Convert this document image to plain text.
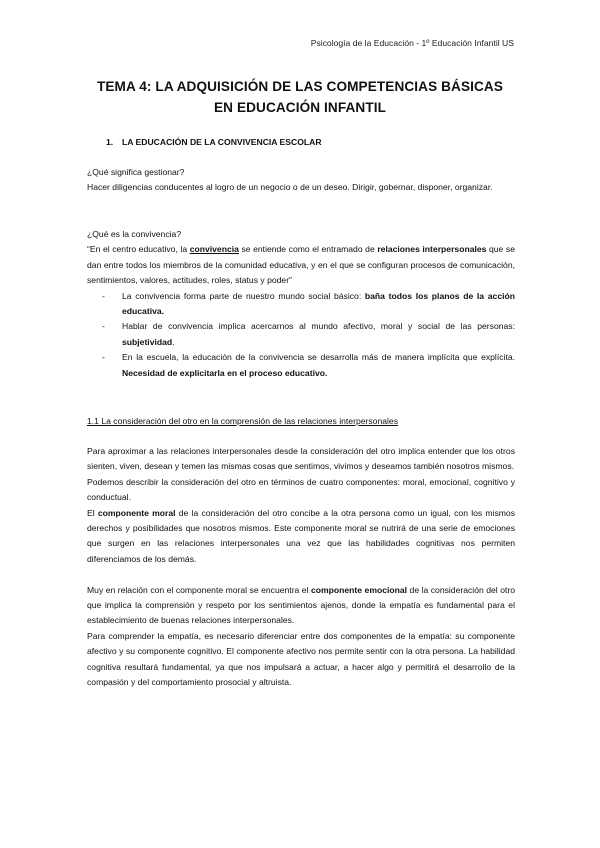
Psicología de la Educación - 1º Educación Infantil US
TEMA 4: LA ADQUISICIÓN DE LAS COMPETENCIAS BÁSICAS
EN EDUCACIÓN INFANTIL
1. LA EDUCACIÓN DE LA CONVIVENCIA ESCOLAR

¿Qué significa gestionar?

Hacer diligencias conducentes al logro de un negocio o de un deseo. Dirigir, gobernar, disponer, organizar.

¿Qué es la convivencia?

“En el centro educativo, la convivencia se entiende como el entramado de relaciones interpersonales que se dan entre todos los miembros de la comunidad educativa, y en el que se configuran procesos de comunicación, sentimientos, valores, actitudes, roles, status y poder”

- La convivencia forma parte de nuestro mundo social básico: baña todos los planos de la acción educativa.
- Hablar de convivencia implica acercarnos al mundo afectivo, moral y social de las personas: subjetividad.
- En la escuela, la educación de la convivencia se desarrolla más de manera implícita que explícita. Necesidad de explicitarla en el proceso educativo.

1.1 La consideración del otro en la comprensión de las relaciones interpersonales

Para aproximar a las relaciones interpersonales desde la consideración del otro implica entender que los otros sienten, viven, desean y temen las mismas cosas que sentimos, vivimos y deseamos también nosotros mismos.

Podemos describir la consideración del otro en términos de cuatro componentes: moral, emocional, cognitivo y conductual.

El componente moral de la consideración del otro concibe a la otra persona como un igual, con los mismos derechos y posibilidades que nosotros mismos. Este componente moral se nutrirá de una serie de emociones que surgen en las relaciones interpersonales una vez que las habilidades cognitivas nos permiten diferenciamos de los demás.

Muy en relación con el componente moral se encuentra el componente emocional de la consideración del otro que implica la comprensión y respeto por los sentimientos ajenos, donde la empatía es fundamental para el establecimiento de buenas relaciones interpersonales.

Para comprender la empatía, es necesario diferenciar entre dos componentes de la empatía: su componente afectivo y su componente cognitivo. El componente afectivo nos permite sentir con la otra persona. La habilidad cognitiva resultará fundamental, ya que nos impulsará a actuar, a hacer algo y permitirá el desarrollo de la compasión y del comportamiento prosocial y altruista.
